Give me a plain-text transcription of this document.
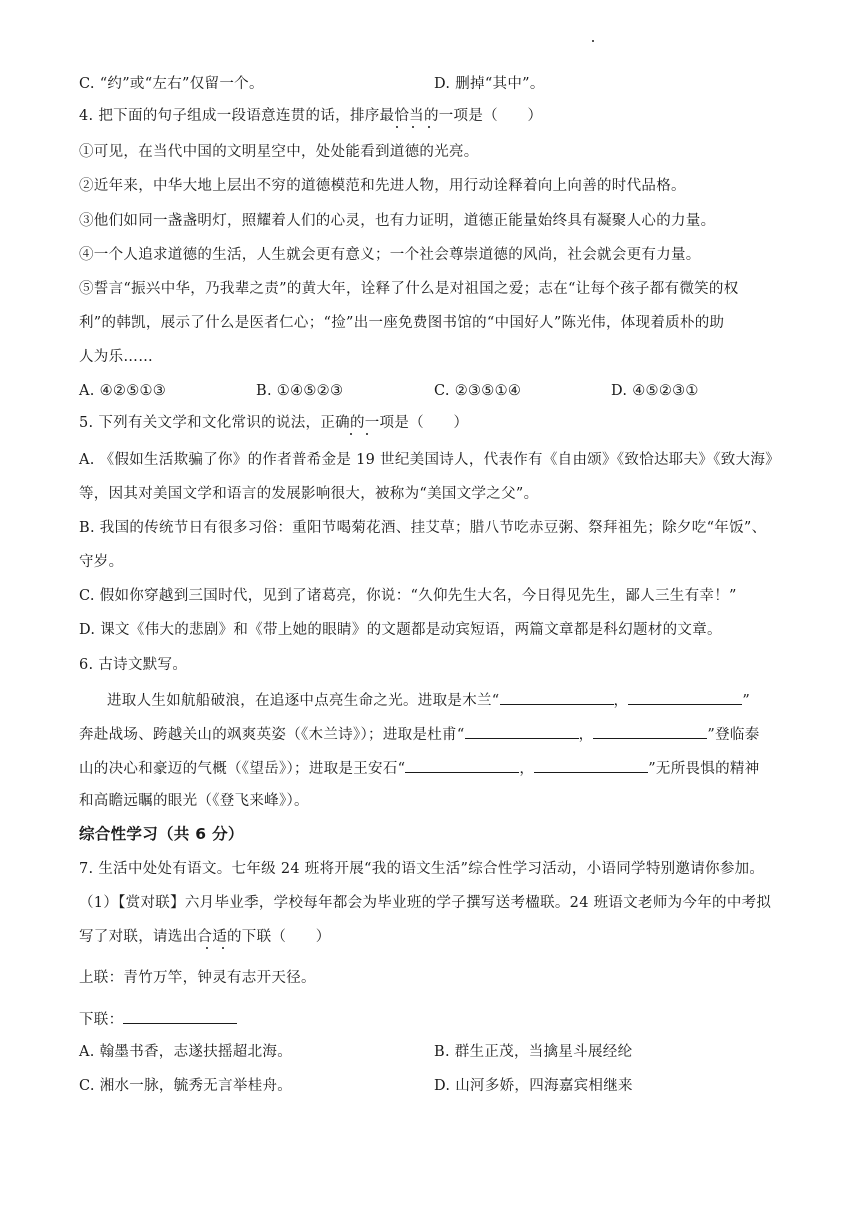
C. “约”或“左右”仅留一个。	D. 删掉“其中”。
4. 把下面的句子组成一段语意连贯的话，排序最恰当的一项是（　　）
①可见，在当代中国的文明星空中，处处能看到道德的光亮。
②近年来，中华大地上层出不穷的道德模范和先进人物，用行动诠释着向上向善的时代品格。
③他们如同一盏盏明灯，照耀着人们的心灵，也有力证明，道德正能量始终具有凝聚人心的力量。
④一个人追求道德的生活，人生就会更有意义；一个社会尊崇道德的风尚，社会就会更有力量。
⑤誓言“振兴中华，乃我辈之责”的黄大年，诠释了什么是对祖国之爱；志在“让每个孩子都有微笑的权
利”的韩凯，展示了什么是医者仁心；“捡”出一座免费图书馆的“中国好人”陈光伟，体现着质朴的助
人为乐……
A. ④②⑤①③	B. ①④⑤②③	C. ②③⑤①④	D. ④⑤②③①
5. 下列有关文学和文化常识的说法，正确的一项是（　　）
A. 《假如生活欺骗了你》的作者普希金是 19 世纪美国诗人，代表作有《自由颂》《致恰达耶夫》《致大海》
等，因其对美国文学和语言的发展影响很大，被称为“美国文学之父”。
B. 我国的传统节日有很多习俗：重阳节喝菊花酒、挂艾草；腊八节吃赤豆粥、祭拜祖先；除夕吃“年饭”、
守岁。
C. 假如你穿越到三国时代，见到了诸葛亮，你说：“久仰先生大名，今日得见先生，鄙人三生有幸！”
D. 课文《伟大的悲剧》和《带上她的眼睛》的文题都是动宾短语，两篇文章都是科幻题材的文章。
6. 古诗文默写。
进取人生如航船破浪，在追逐中点亮生命之光。进取是木兰“	，	”
奔赴战场、跨越关山的飒爽英姿（《木兰诗》）；进取是杜甫“	，	”登临泰
山的决心和豪迈的气概（《望岳》）；进取是王安石“	，	”无所畏惧的精神
和高瞻远瞩的眼光（《登飞来峰》）。
综合性学习（共 6 分）
7. 生活中处处有语文。七年级 24 班将开展“我的语文生活”综合性学习活动，小语同学特别邀请你参加。
（1）【赏对联】六月毕业季，学校每年都会为毕业班的学子撰写送考楹联。24 班语文老师为今年的中考拟
写了对联，请选出合适的下联（　　）
上联：青竹万竿，钟灵有志开天径。
下联：
A. 翰墨书香，志遂扶摇超北海。	B. 群生正茂，当擒星斗展经纶
C. 湘水一脉，毓秀无言举桂舟。	D. 山河多娇，四海嘉宾相继来
